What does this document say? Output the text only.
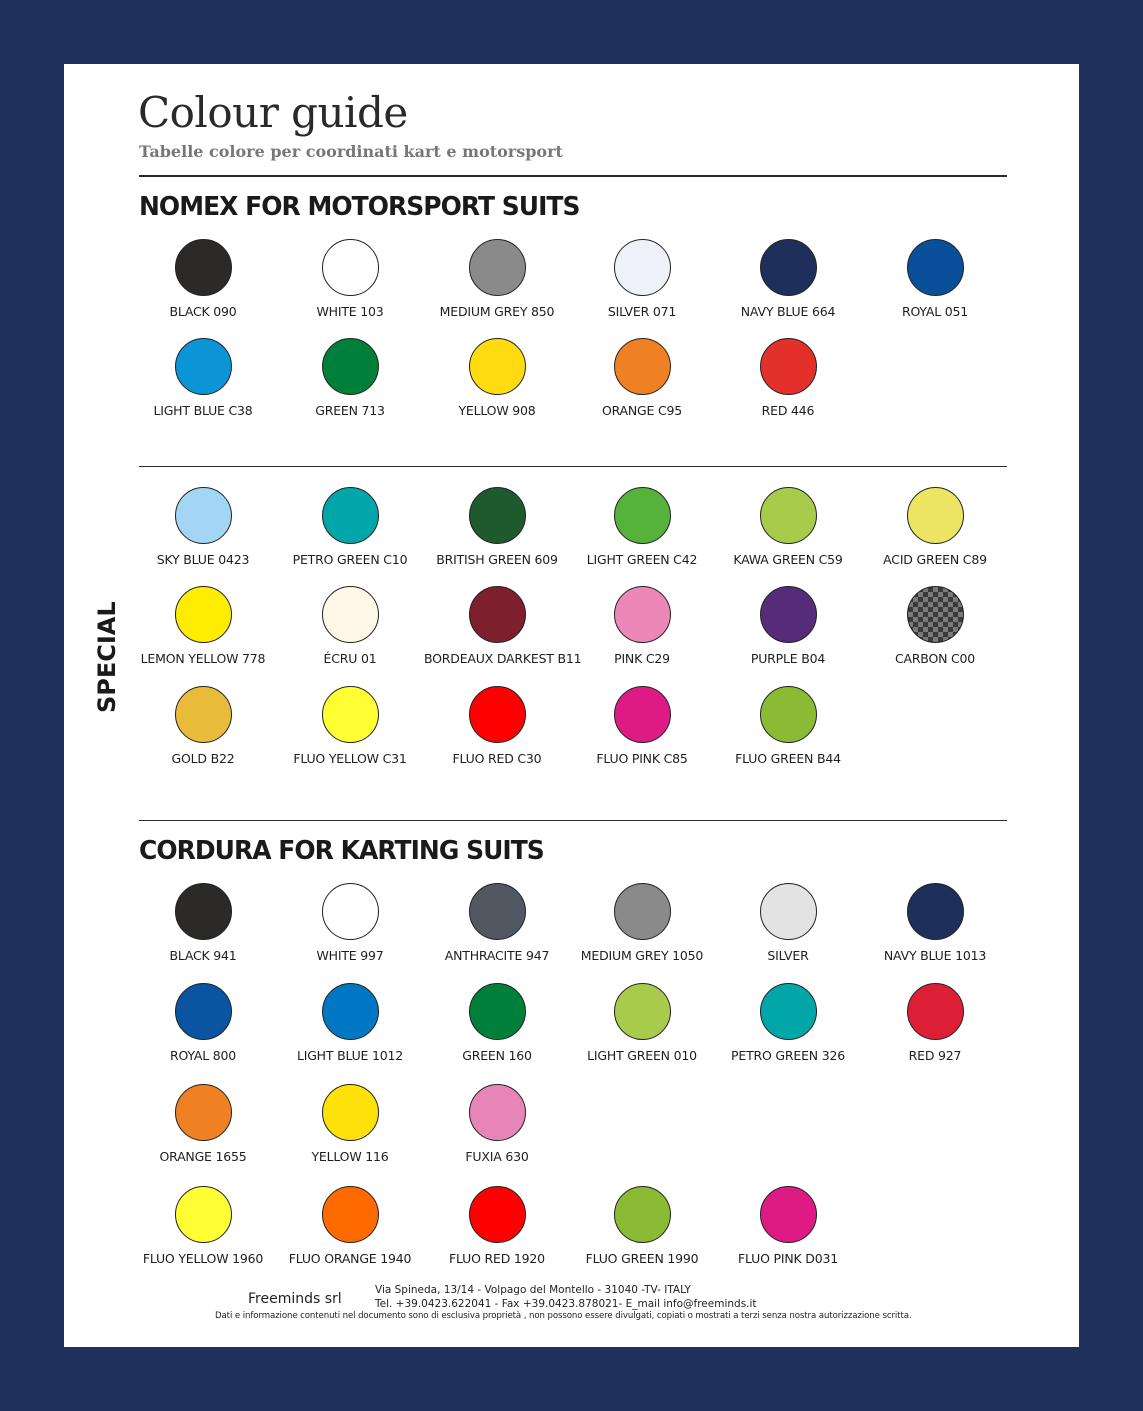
Colour guide
Tabelle colore per coordinati kart e motorsport
NOMEX FOR MOTORSPORT SUITS
BLACK 090	WHITE 103	MEDIUM GREY 850	SILVER 071	NAVY BLUE 664	ROYAL 051
LIGHT BLUE C38	GREEN 713	YELLOW 908	ORANGE C95	RED 446
SPECIAL
SKY BLUE 0423	PETRO GREEN C10	BRITISH GREEN 609	LIGHT GREEN C42	KAWA GREEN C59	ACID GREEN C89
LEMON YELLOW 778	ÉCRU 01	BORDEAUX DARKEST B11	PINK C29	PURPLE B04	CARBON C00
GOLD B22	FLUO YELLOW C31	FLUO RED C30	FLUO PINK C85	FLUO GREEN B44
CORDURA FOR KARTING SUITS
BLACK 941	WHITE 997	ANTHRACITE 947	MEDIUM GREY 1050	SILVER	NAVY BLUE 1013
ROYAL 800	LIGHT BLUE 1012	GREEN 160	LIGHT GREEN 010	PETRO GREEN 326	RED 927
ORANGE 1655	YELLOW 116	FUXIA 630
FLUO YELLOW 1960	FLUO ORANGE 1940	FLUO RED 1920	FLUO GREEN 1990	FLUO PINK D031
Freeminds srl
Via Spineda, 13/14 - Volpago del Montello - 31040 -TV- ITALY
Tel. +39.0423.622041 - Fax +39.0423.878021- E_mail info@freeminds.it
Dati e informazione contenuti nel documento sono di esclusiva proprietà , non possono essere divulgati, copiati o mostrati a terzi senza nostra autorizzazione scritta.
